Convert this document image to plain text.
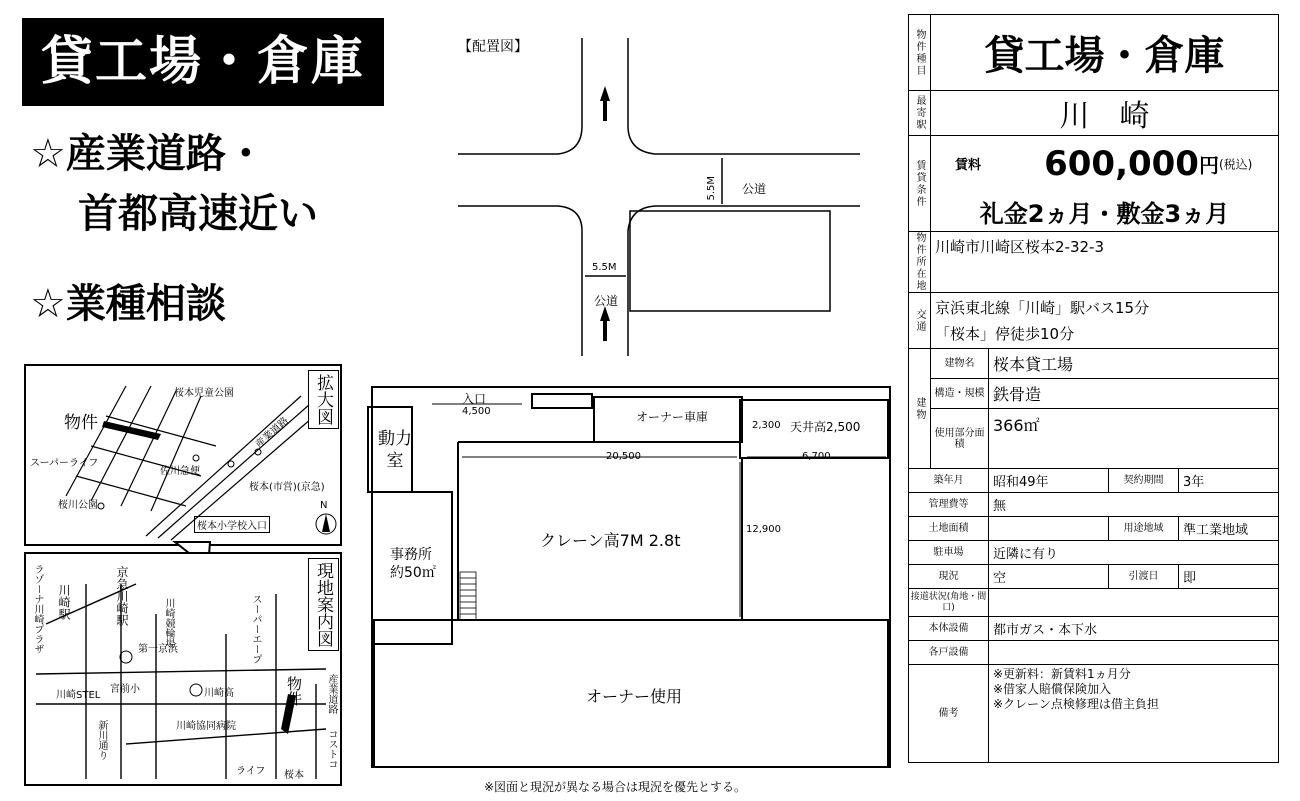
貸工場・倉庫
☆産業道路・
首都高速近い
☆業種相談
拡大図
桜本児童公園
物件	産業道路
スーパーライフ
佐川急便
桜本(市営)(京急)
桜川公園
桜本小学校入口
N
現地案内図
川崎駅	京急川崎駅
ラゾーナ川崎プラザ
川崎STEL
川崎競輪場
第一京浜
新川通り
宮前小	川崎高
川崎協同病院
スーパーエープ
産業道路
コストコ
ライフ 桜本
物件
【配置図】
5.5M 公道
5.5M
公道
入口
4,500	オーナー車庫
動力室
2,300 天井高2,500
20,500	6,700
12,900
事務所
約50㎡
クレーン高7M 2.8t
オーナー使用
※図面と現況が異なる場合は現況を優先とする。
物件種目	貸工場・倉庫			
最寄駅	川　崎			
賃貸条件	賃料 600,000円(税込)			
	礼金2ヵ月・敷金3ヵ月			
物件所在地	川崎市川崎区桜本2-32-3			
交通	京浜東北線「川崎」駅バス15分
「桜本」停徒歩10分			

建物	建物名	桜本貸工場		
	構造・規模	鉄骨造		
	使用部分面積	366㎡		
築年月		昭和49年	契約期間	3年
管理費等		無		
土地面積			用途地域	準工業地域
駐車場		近隣に有り		
現況		空	引渡日	即
接道状況(角地・間口)				
本体設備		都市ガス・本下水		
各戸設備				
備考		※更新料：新賃料1ヵ月分
※借家人賠償保険加入
※クレーン点検修理は借主負担		
